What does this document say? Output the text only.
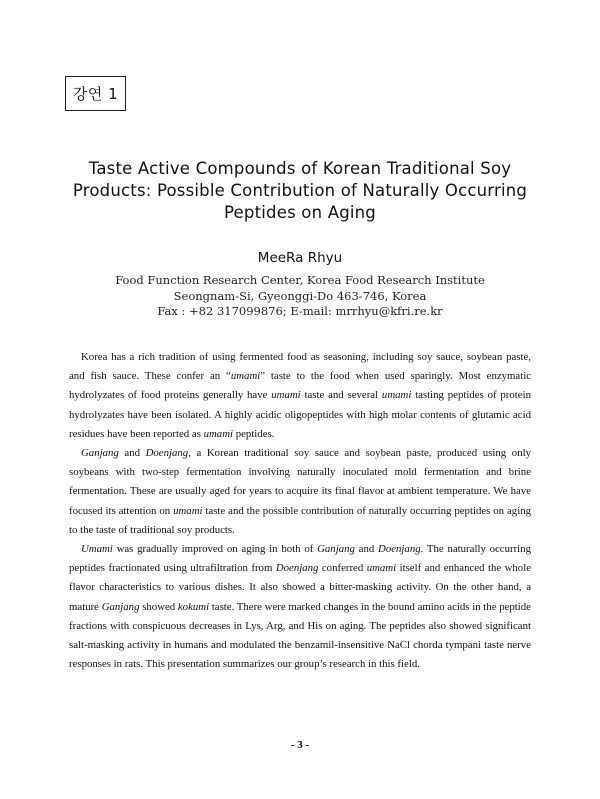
강연 1
Taste Active Compounds of Korean Traditional Soy
Products: Possible Contribution of Naturally Occurring
Peptides on Aging
MeeRa Rhyu
Food Function Research Center, Korea Food Research Institute
Seongnam-Si, Gyeonggi-Do 463-746, Korea
Fax : +82 317099876; E-mail: mrrhyu@kfri.re.kr

Korea has a rich tradition of using fermented food as seasoning, including soy sauce, soybean paste, and fish sauce. These confer an “umami” taste to the food when used sparingly. Most enzymatic hydrolyzates of food proteins generally have umami taste and several umami tasting peptides of protein hydrolyzates have been isolated. A highly acidic oligopeptides with high molar contents of glutamic acid residues have been reported as umami peptides.

Ganjang and Doenjang, a Korean traditional soy sauce and soybean paste, produced using only soybeans with two-step fermentation involving naturally inoculated mold fermentation and brine fermentation. These are usually aged for years to acquire its final flavor at ambient temperature. We have focused its attention on umami taste and the possible contribution of naturally occurring peptides on aging to the taste of traditional soy products.

Umami was gradually improved on aging in both of Ganjang and Doenjang. The naturally occurring peptides fractionated using ultrafiltration from Doenjang conferred umami itself and enhanced the whole flavor characteristics to various dishes. It also showed a bitter-masking activity. On the other hand, a mature Ganjang showed kokumi taste. There were marked changes in the bound amino acids in the peptide fractions with conspicuous decreases in Lys, Arg, and His on aging. The peptides also showed significant salt-masking activity in humans and modulated the benzamil-insensitive NaCl chorda tympani taste nerve responses in rats. This presentation summarizes our group’s research in this field.

- 3 -
